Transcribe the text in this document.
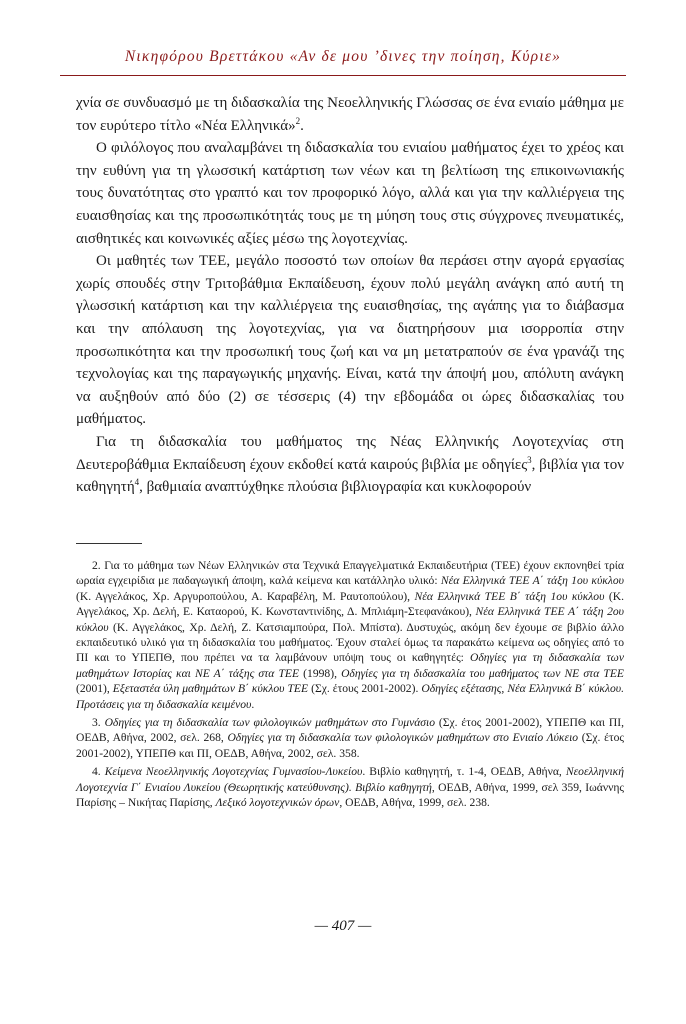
Νικηφόρου Βρεττάκου «Αν δε μου ’δινες την ποίηση, Κύριε»

χνία σε συνδυασμό με τη διδασκαλία της Νεοελληνικής Γλώσσας σε ένα ενιαίο μάθημα με τον ευρύτερο τίτλο «Νέα Ελληνικά»$^2$.

Ο φιλόλογος που αναλαμβάνει τη διδασκαλία του ενιαίου μαθήματος έχει το χρέος και την ευθύνη για τη γλωσσική κατάρτιση των νέων και τη βελτίωση της επικοινωνιακής τους δυνατότητας στο γραπτό και τον προφορικό λόγο, αλλά και για την καλλιέργεια της ευαισθησίας και της προσωπικότητάς τους με τη μύηση τους στις σύγχρονες πνευματικές, αισθητικές και κοινωνικές αξίες μέσω της λογοτεχνίας.

Οι μαθητές των ΤΕΕ, μεγάλο ποσοστό των οποίων θα περάσει στην αγορά εργασίας χωρίς σπουδές στην Τριτοβάθμια Εκπαίδευση, έχουν πολύ μεγάλη ανάγκη από αυτή τη γλωσσική κατάρτιση και την καλλιέργεια της ευαισθησίας, της αγάπης για το διάβασμα και την απόλαυση της λογοτεχνίας, για να διατηρήσουν μια ισορροπία στην προσωπικότητα και την προσωπική τους ζωή και να μη μετατραπούν σε ένα γρανάζι της τεχνολογίας και της παραγωγικής μηχανής. Είναι, κατά την άποψή μου, απόλυτη ανάγκη να αυξηθούν από δύο (2) σε τέσσερις (4) την εβδομάδα οι ώρες διδασκαλίας του μαθήματος.

Για τη διδασκαλία του μαθήματος της Νέας Ελληνικής Λογοτεχνίας στη Δευτεροβάθμια Εκπαίδευση έχουν εκδοθεί κατά καιρούς βιβλία με οδηγίες$^3$, βιβλία για τον καθηγητή$^4$, βαθμιαία αναπτύχθηκε πλούσια βιβλιογραφία και κυκλοφορούν

2. Για το μάθημα των Νέων Ελληνικών στα Τεχνικά Επαγγελματικά Εκπαιδευτήρια (ΤΕΕ) έχουν εκπονηθεί τρία ωραία εγχειρίδια με παδαγωγική άποψη, καλά κείμενα και κατάλληλο υλικό: Νέα Ελληνικά ΤΕΕ Α΄ τάξη 1ου κύκλου (Κ. Αγγελάκος, Χρ. Αργυροπούλου, Α. Καραβέλη, Μ. Ραυτοπούλου), Νέα Ελληνικά ΤΕΕ Β΄ τάξη 1ου κύκλου (Κ. Αγγελάκος, Χρ. Δελή, Ε. Καταορού, Κ. Κωνσταντινίδης, Δ. Μπλιάμη-Στεφανάκου), Νέα Ελληνικά ΤΕΕ Α΄ τάξη 2ου κύκλου (Κ. Αγγελάκος, Χρ. Δελή, Ζ. Κατσιαμπούρα, Πολ. Μπίστα). Δυστυχώς, ακόμη δεν έχουμε σε βιβλίο άλλο εκπαιδευτικό υλικό για τη διδασκαλία του μαθήματος. Έχουν σταλεί όμως τα παρακάτω κείμενα ως οδηγίες από το ΠΙ και το ΥΠΕΠΘ, που πρέπει να τα λαμβάνουν υπόψη τους οι καθηγητές: Οδηγίες για τη διδασκαλία των μαθημάτων Ιστορίας και ΝΕ Α΄ τάξης στα ΤΕΕ (1998), Οδηγίες για τη διδασκαλία του μαθήματος των ΝΕ στα ΤΕΕ (2001), Εξεταστέα ύλη μαθημάτων Β΄ κύκλου ΤΕΕ (Σχ. έτους 2001-2002). Οδηγίες εξέτασης, Νέα Ελληνικά Β΄ κύκλου. Προτάσεις για τη διδασκαλία κειμένου.

3. Οδηγίες για τη διδασκαλία των φιλολογικών μαθημάτων στο Γυμνάσιο (Σχ. έτος 2001-2002), ΥΠΕΠΘ και ΠΙ, ΟΕΔΒ, Αθήνα, 2002, σελ. 268, Οδηγίες για τη διδασκαλία των φιλολογικών μαθημάτων στο Ενιαίο Λύκειο (Σχ. έτος 2001-2002), ΥΠΕΠΘ και ΠΙ, ΟΕΔΒ, Αθήνα, 2002, σελ. 358.

4. Κείμενα Νεοελληνικής Λογοτεχνίας Γυμνασίου-Λυκείου. Βιβλίο καθηγητή, τ. 1-4, ΟΕΔΒ, Αθήνα, Νεοελληνική Λογοτεχνία Γ΄ Ενιαίου Λυκείου (Θεωρητικής κατεύθυνσης). Βιβλίο καθηγητή, ΟΕΔΒ, Αθήνα, 1999, σελ 359, Ιωάννης Παρίσης – Νικήτας Παρίσης, Λεξικό λογοτεχνικών όρων, ΟΕΔΒ, Αθήνα, 1999, σελ. 238.

— 407 —
